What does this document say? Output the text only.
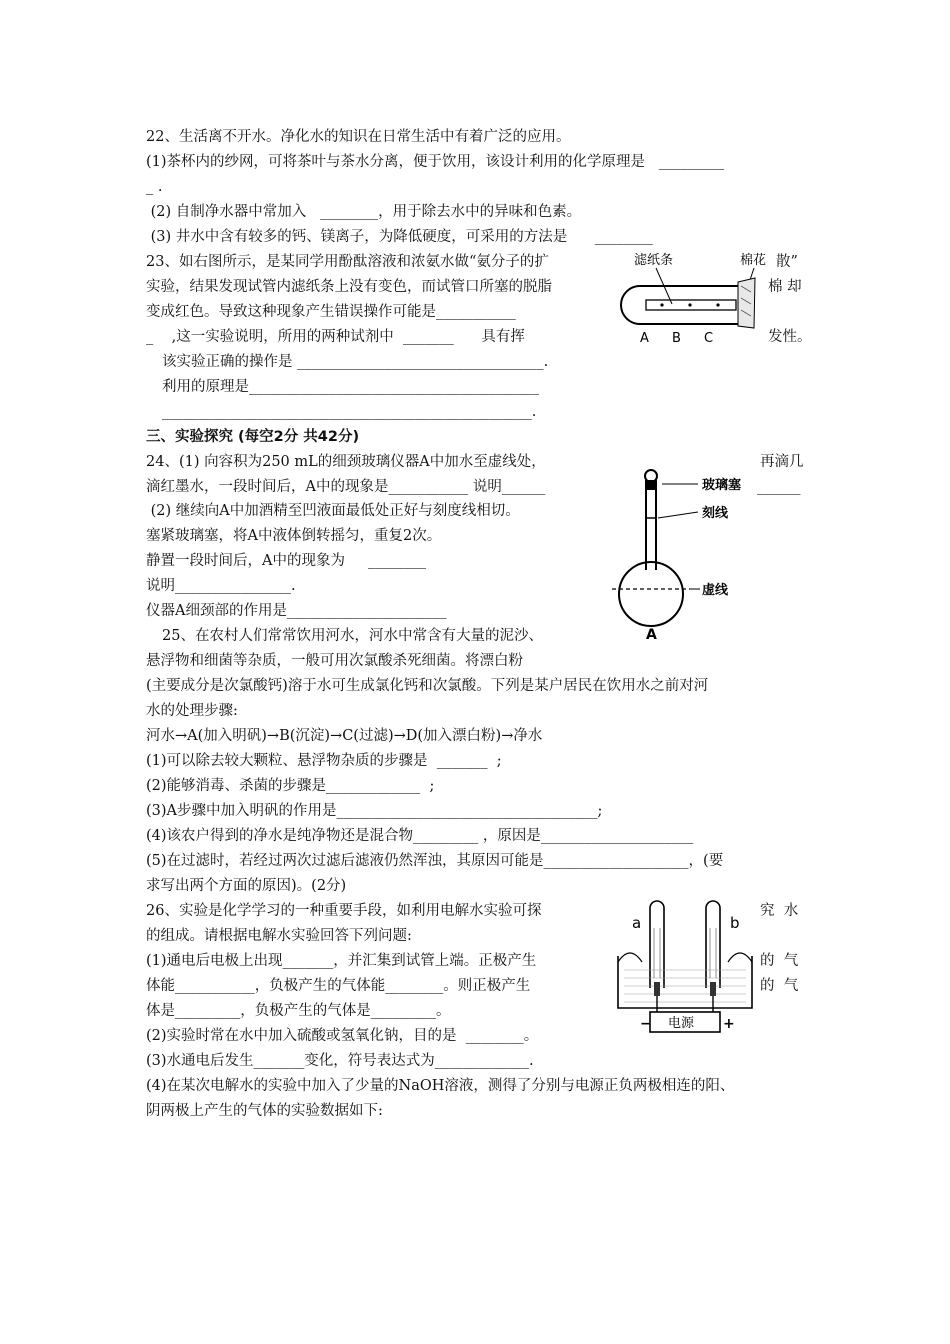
22、生活离不开水。净化水的知识在日常生活中有着广泛的应用。
(1)茶杯内的纱网，可将茶叶与茶水分离，便于饮用，该设计利用的化学原理是   _________
_ .
(2) 自制净水器中常加入   ________，用于除去水中的异味和色素。
(3) 井水中含有较多的钙、镁离子，为降低硬度，可采用的方法是      ________
23、如右图所示，是某同学用酚酞溶液和浓氨水做“氨分子的扩	散”
实验，结果发现试管内滤纸条上没有变色，而试管口所塞的脱脂	棉 却
变成红色。导致这种现象产生错误操作可能是___________
_    ,这一实验说明，所用的两种试剂中  _______      具有挥	发性。
该实验正确的操作是 __________________________________.
利用的原理是________________________________________
___________________________________________________.
滤纸条	棉花
A B C
三、实验探究 (每空2分 共42分)
24、(1) 向容积为250 mL的细颈玻璃仪器A中加水至虚线处，	再滴几
滴红墨水，一段时间后，A中的现象是___________ 说明______	______
(2) 继续向A中加酒精至凹液面最低处正好与刻度线相切。
塞紧玻璃塞，将A中液体倒转摇匀，重复2次。
静置一段时间后，A中的现象为     ________
说明________________.
仪器A细颈部的作用是______________________
玻璃塞
刻线
虚线
A
25、在农村人们常常饮用河水，河水中常含有大量的泥沙、
悬浮物和细菌等杂质，一般可用次氯酸杀死细菌。将漂白粉
(主要成分是次氯酸钙)溶于水可生成氯化钙和次氯酸。下列是某户居民在饮用水之前对河
水的处理步骤:
河水→A(加入明矾)→B(沉淀)→C(过滤)→D(加入漂白粉)→净水
(1)可以除去较大颗粒、悬浮物杂质的步骤是  _______  ;
(2)能够消毒、杀菌的步骤是_____________  ;
(3)A步骤中加入明矾的作用是____________________________________;
(4)该农户得到的净水是纯净物还是混合物_________ ，原因是_____________________
(5)在过滤时，若经过两次过滤后滤液仍然浑浊，其原因可能是____________________，(要
求写出两个方面的原因)。(2分)
26、实验是化学学习的一种重要手段，如利用电解水实验可探	究  水
的组成。请根据电解水实验回答下列问题:
(1)通电后电极上出现_______，并汇集到试管上端。正极产生	的  气
体能___________，负极产生的气体能________。则正极产生	的  气
体是_________，负极产生的气体是_________。
(2)实验时常在水中加入硫酸或氢氧化钠，目的是  ________。
(3)水通电后发生_______变化，符号表达式为_____________.
(4)在某次电解水的实验中加入了少量的NaOH溶液，测得了分别与电源正负两极相连的阳、
阴两极上产生的气体的实验数据如下:
a	b
电源
−	+
